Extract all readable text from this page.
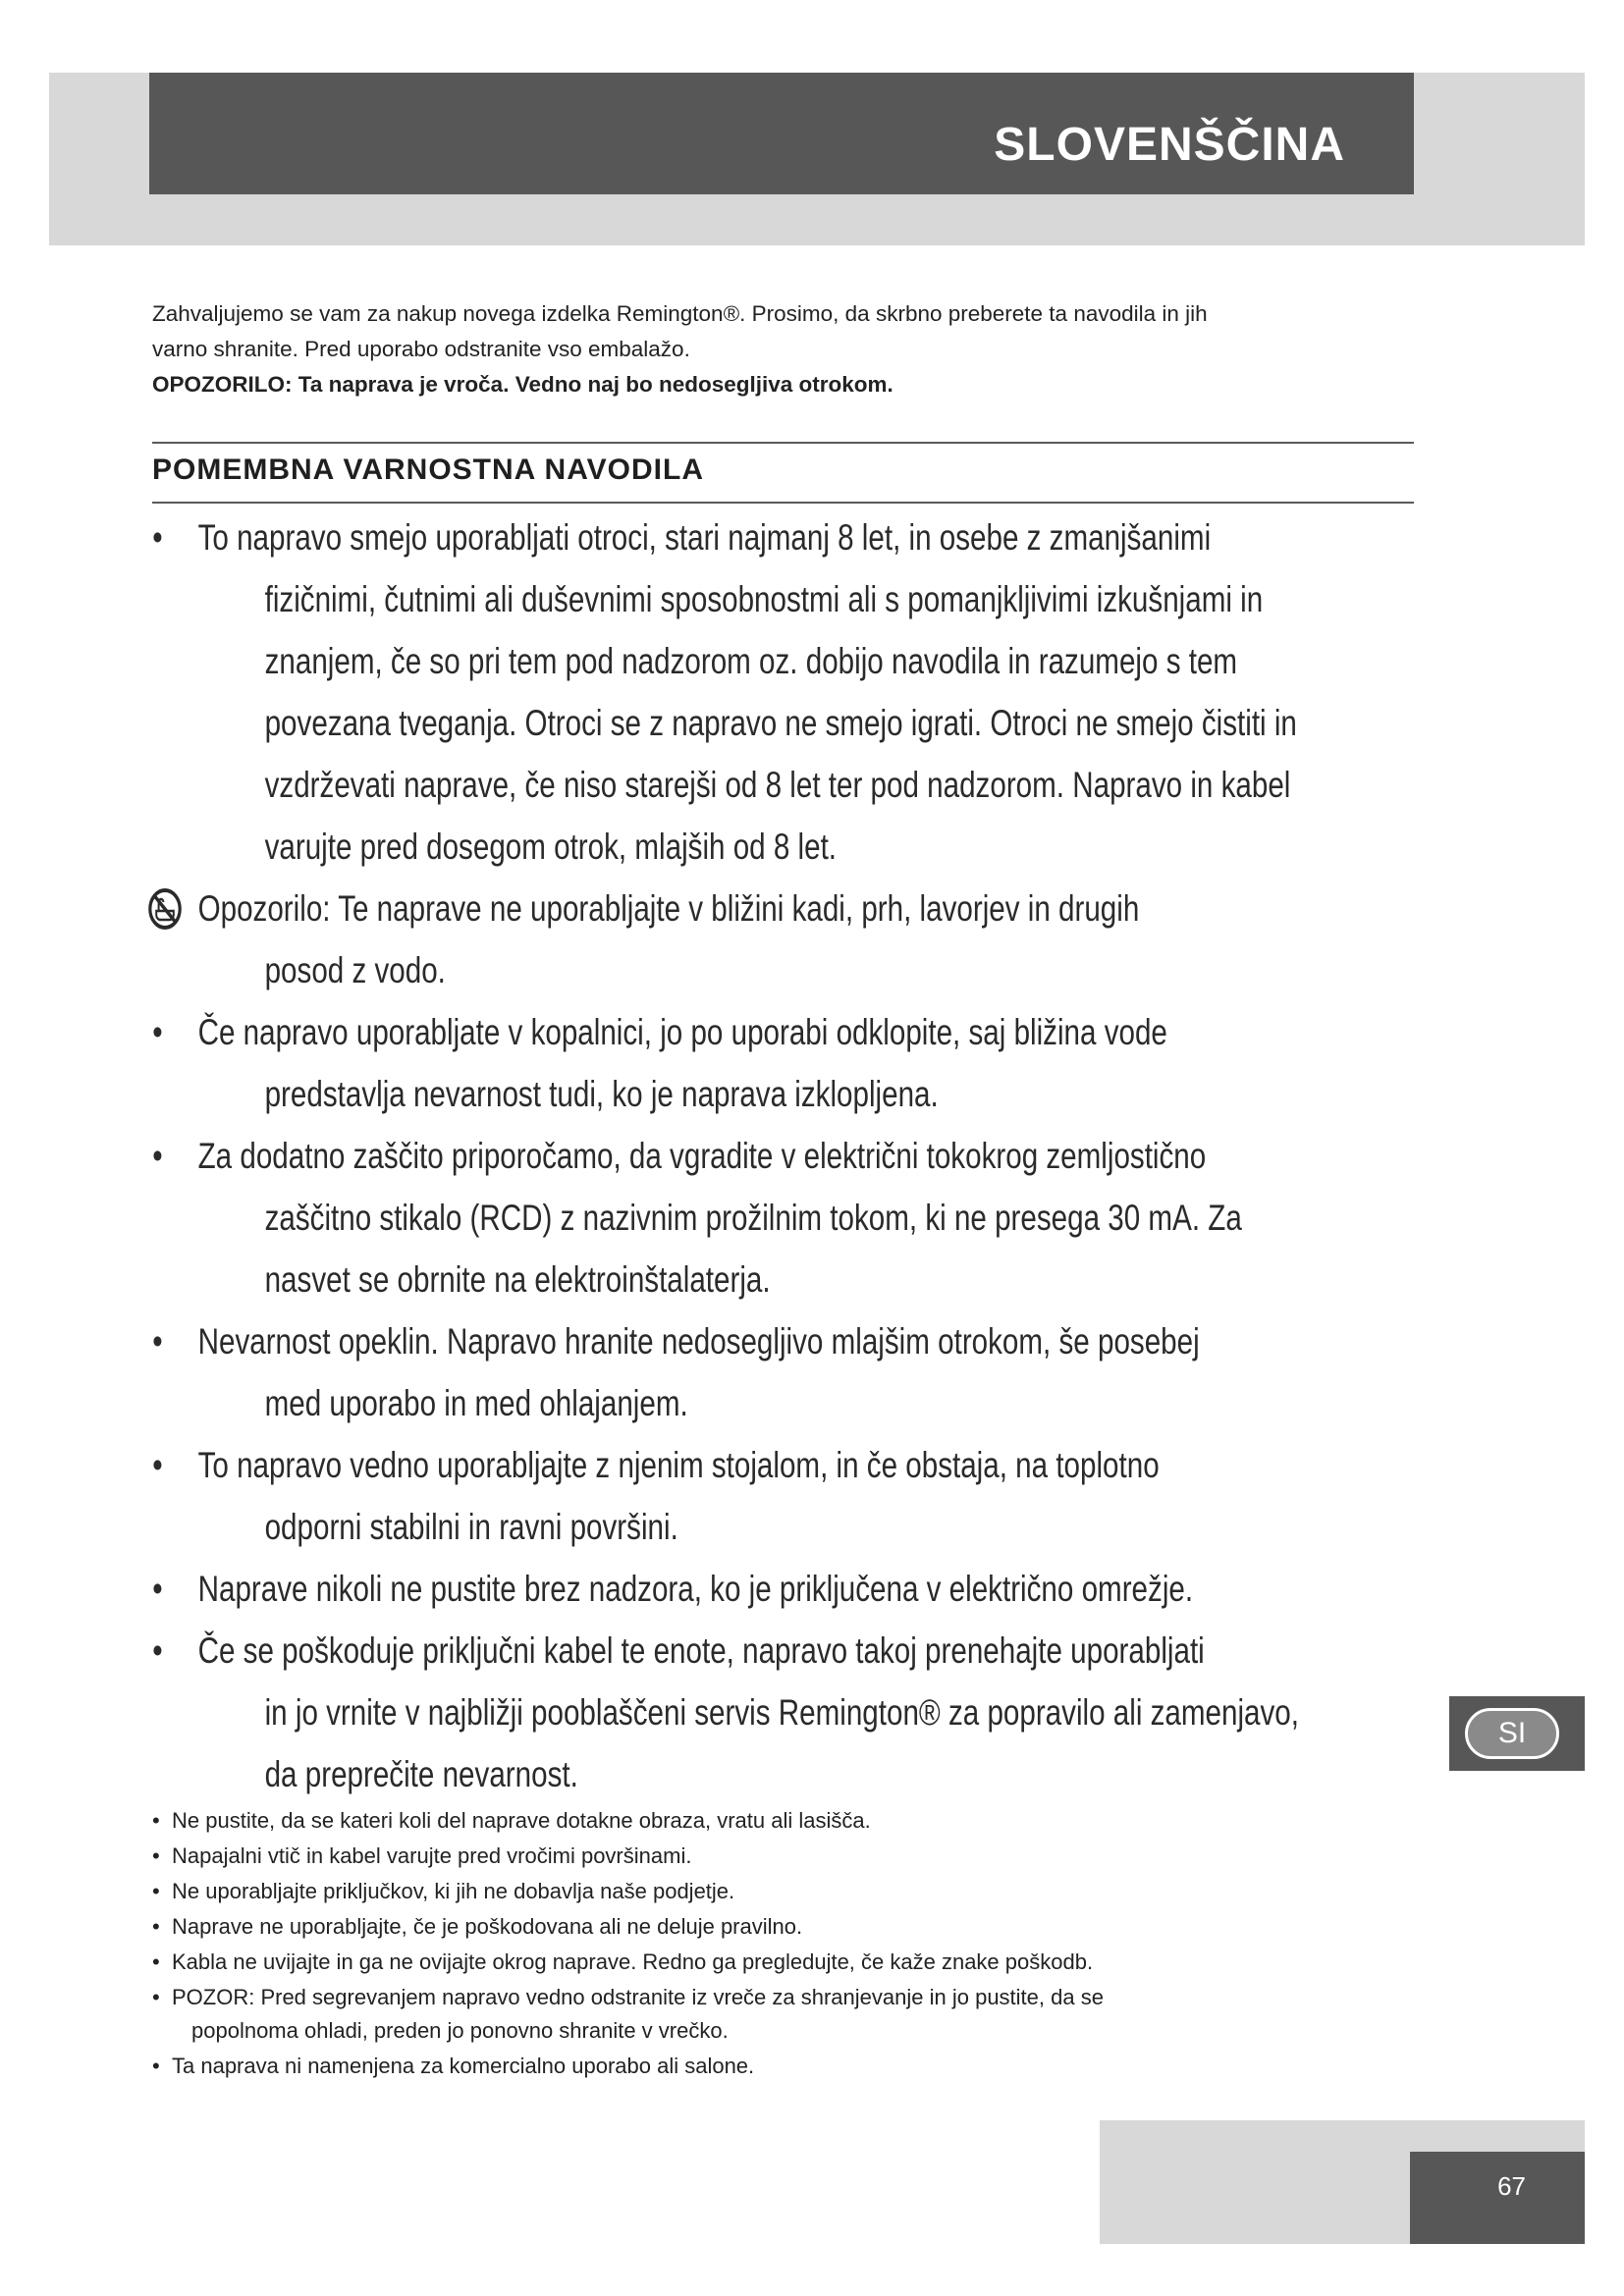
SLOVENŠČINA

Zahvaljujemo se vam za nakup novega izdelka Remington®. Prosimo, da skrbno preberete ta navodila in jih

varno shranite. Pred uporabo odstranite vso embalažo.

OPOZORILO: Ta naprava je vroča. Vedno naj bo nedosegljiva otrokom.

POMEMBNA VARNOSTNA NAVODILA
• To napravo smejo uporabljati otroci, stari najmanj 8 let, in osebe z zmanjšanimi
fizičnimi, čutnimi ali duševnimi sposobnostmi ali s pomanjkljivimi izkušnjami in
znanjem, če so pri tem pod nadzorom oz. dobijo navodila in razumejo s tem
povezana tveganja. Otroci se z napravo ne smejo igrati. Otroci ne smejo čistiti in
vzdrževati naprave, če niso starejši od 8 let ter pod nadzorom. Napravo in kabel
varujte pred dosegom otrok, mlajših od 8 let.
Opozorilo: Te naprave ne uporabljajte v bližini kadi, prh, lavorjev in drugih
posod z vodo.
• Če napravo uporabljate v kopalnici, jo po uporabi odklopite, saj bližina vode
predstavlja nevarnost tudi, ko je naprava izklopljena.
• Za dodatno zaščito priporočamo, da vgradite v električni tokokrog zemljostično
zaščitno stikalo (RCD) z nazivnim prožilnim tokom, ki ne presega 30 mA. Za
nasvet se obrnite na elektroinštalaterja.
• Nevarnost opeklin. Napravo hranite nedosegljivo mlajšim otrokom, še posebej
med uporabo in med ohlajanjem.
• To napravo vedno uporabljajte z njenim stojalom, in če obstaja, na toplotno
odporni stabilni in ravni površini.
• Naprave nikoli ne pustite brez nadzora, ko je priključena v električno omrežje.
• Če se poškoduje priključni kabel te enote, napravo takoj prenehajte uporabljati
in jo vrnite v najbližji pooblaščeni servis Remington® za popravilo ali zamenjavo,
da preprečite nevarnost.
• Ne pustite, da se kateri koli del naprave dotakne obraza, vratu ali lasišča.
• Napajalni vtič in kabel varujte pred vročimi površinami.
• Ne uporabljajte priključkov, ki jih ne dobavlja naše podjetje.
• Naprave ne uporabljajte, če je poškodovana ali ne deluje pravilno.
• Kabla ne uvijajte in ga ne ovijajte okrog naprave. Redno ga pregledujte, če kaže znake poškodb.
• POZOR: Pred segrevanjem napravo vedno odstranite iz vreče za shranjevanje in jo pustite, da se
popolnoma ohladi, preden jo ponovno shranite v vrečko.
• Ta naprava ni namenjena za komercialno uporabo ali salone.
SI
67
